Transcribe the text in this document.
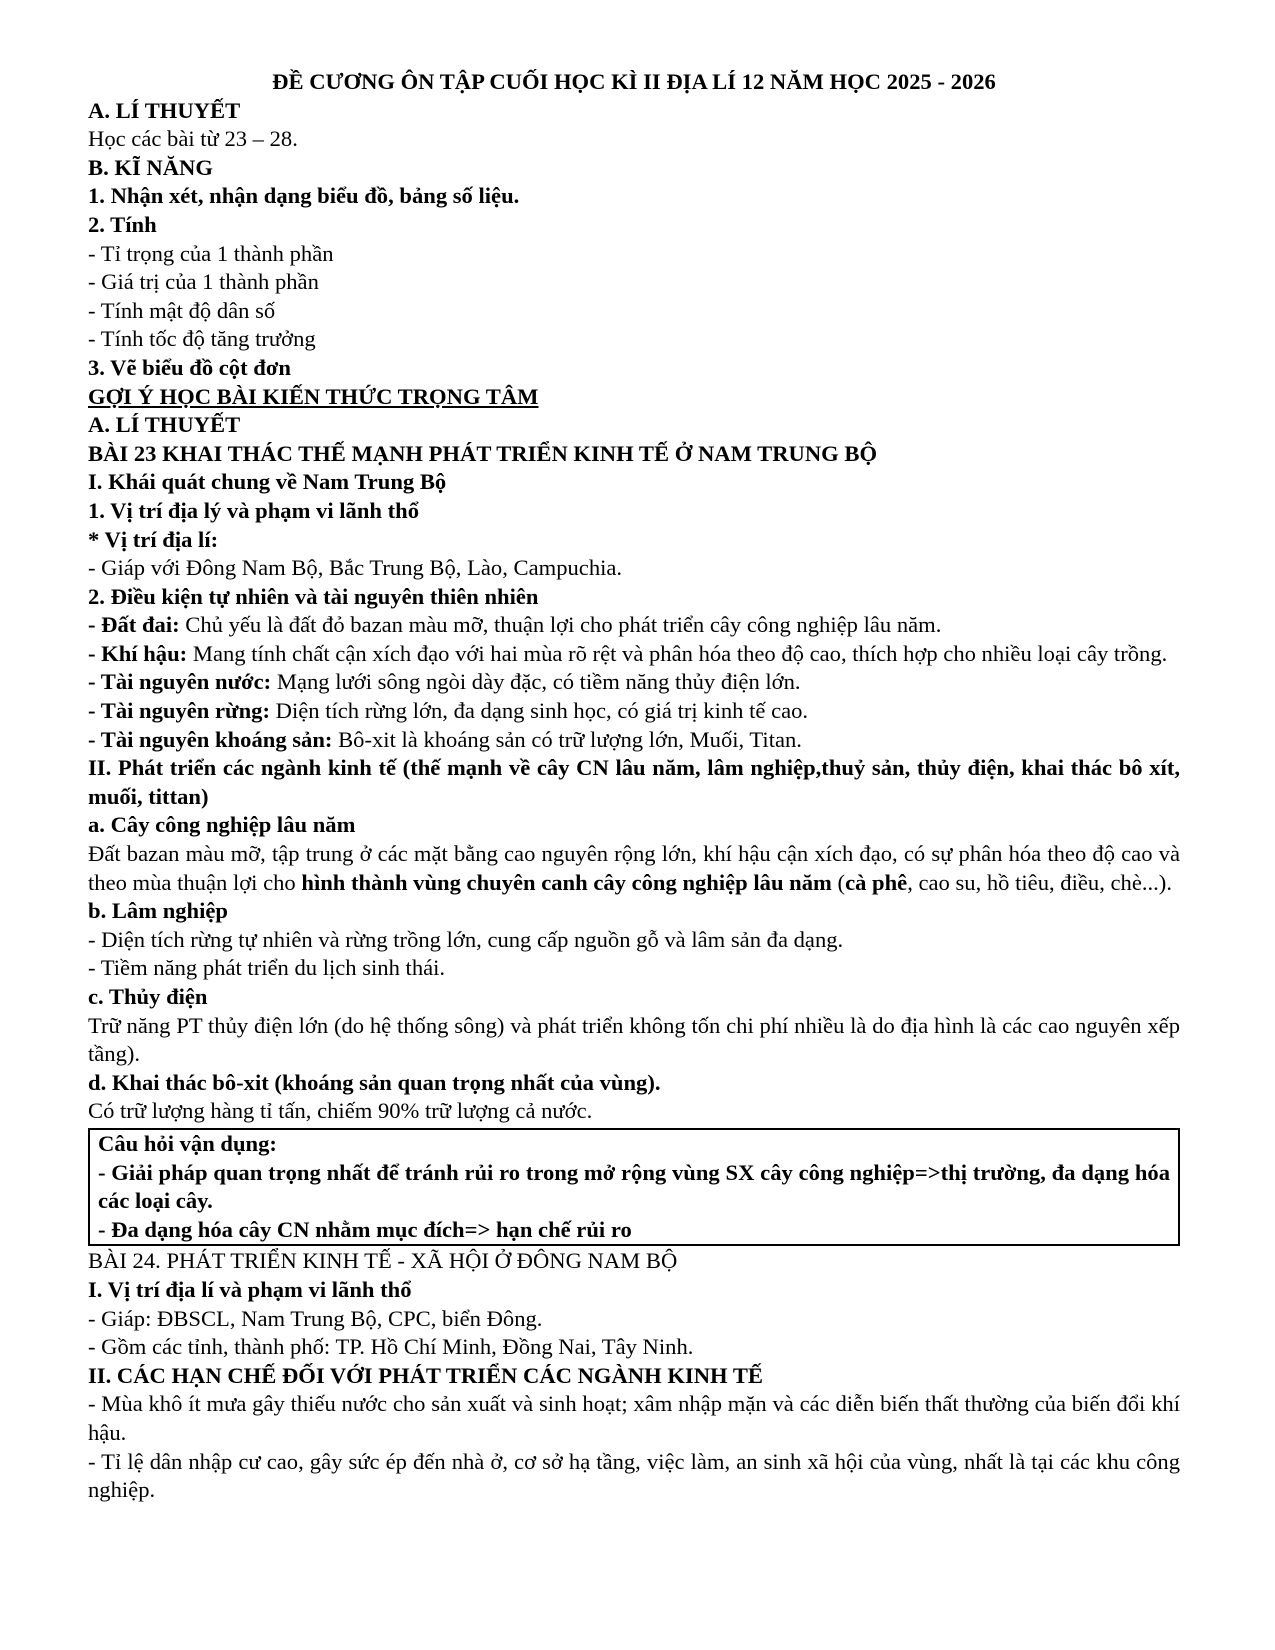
ĐỀ CƯƠNG ÔN TẬP CUỐI HỌC KÌ II ĐỊA LÍ 12 NĂM HỌC 2025 - 2026
A. LÍ THUYẾT
Học các bài từ 23 – 28.
B. KĨ NĂNG
1. Nhận xét, nhận dạng biểu đồ, bảng số liệu.
2. Tính
- Tỉ trọng của 1 thành phần
- Giá trị của 1 thành phần
- Tính mật độ dân số
- Tính tốc độ tăng trưởng
3. Vẽ biểu đồ cột đơn
GỢI Ý HỌC BÀI KIẾN THỨC TRỌNG TÂM
A. LÍ THUYẾT
BÀI 23 KHAI THÁC THẾ MẠNH PHÁT TRIỂN KINH TẾ Ở NAM TRUNG BỘ
I. Khái quát chung về Nam Trung Bộ
1. Vị trí địa lý và phạm vi lãnh thổ
* Vị trí địa lí:
- Giáp với Đông Nam Bộ, Bắc Trung Bộ, Lào, Campuchia.
2. Điều kiện tự nhiên và tài nguyên thiên nhiên
- Đất đai: Chủ yếu là đất đỏ bazan màu mỡ, thuận lợi cho phát triển cây công nghiệp lâu năm.
- Khí hậu: Mang tính chất cận xích đạo với hai mùa rõ rệt và phân hóa theo độ cao, thích hợp cho nhiều loại cây trồng.
- Tài nguyên nước: Mạng lưới sông ngòi dày đặc, có tiềm năng thủy điện lớn.
- Tài nguyên rừng: Diện tích rừng lớn, đa dạng sinh học, có giá trị kinh tế cao.
- Tài nguyên khoáng sản: Bô-xit là khoáng sản có trữ lượng lớn, Muối, Titan.
II. Phát triển các ngành kinh tế (thế mạnh về cây CN lâu năm, lâm nghiệp,thuỷ sản, thủy điện, khai thác bô xít, muối, tittan)
a. Cây công nghiệp lâu năm
Đất bazan màu mỡ, tập trung ở các mặt bằng cao nguyên rộng lớn, khí hậu cận xích đạo, có sự phân hóa theo độ cao và theo mùa thuận lợi cho hình thành vùng chuyên canh cây công nghiệp lâu năm (cà phê, cao su, hồ tiêu, điều, chè...).
b. Lâm nghiệp
- Diện tích rừng tự nhiên và rừng trồng lớn, cung cấp nguồn gỗ và lâm sản đa dạng.
- Tiềm năng phát triển du lịch sinh thái.
c. Thủy điện
Trữ năng PT thủy điện lớn (do hệ thống sông) và phát triển không tốn chi phí nhiều là do địa hình là các cao nguyên xếp tầng).
d. Khai thác bô-xit (khoáng sản quan trọng nhất của vùng).
Có trữ lượng hàng tỉ tấn, chiếm 90% trữ lượng cả nước.
Câu hỏi vận dụng:
- Giải pháp quan trọng nhất để tránh rủi ro trong mở rộng vùng SX cây công nghiệp=>thị trường, đa dạng hóa các loại cây.
- Đa dạng hóa cây CN nhằm mục đích=> hạn chế rủi ro
BÀI 24. PHÁT TRIỂN KINH TẾ - XÃ HỘI Ở ĐÔNG NAM BỘ
I. Vị trí địa lí và phạm vi lãnh thổ
- Giáp: ĐBSCL, Nam Trung Bộ, CPC, biển Đông.
- Gồm các tỉnh, thành phố: TP. Hồ Chí Minh, Đồng Nai, Tây Ninh.
II. CÁC HẠN CHẾ ĐỐI VỚI PHÁT TRIỂN CÁC NGÀNH KINH TẾ
- Mùa khô ít mưa gây thiếu nước cho sản xuất và sinh hoạt; xâm nhập mặn và các diễn biến thất thường của biến đổi khí hậu.
- Tỉ lệ dân nhập cư cao, gây sức ép đến nhà ở, cơ sở hạ tầng, việc làm, an sinh xã hội của vùng, nhất là tại các khu công nghiệp.
